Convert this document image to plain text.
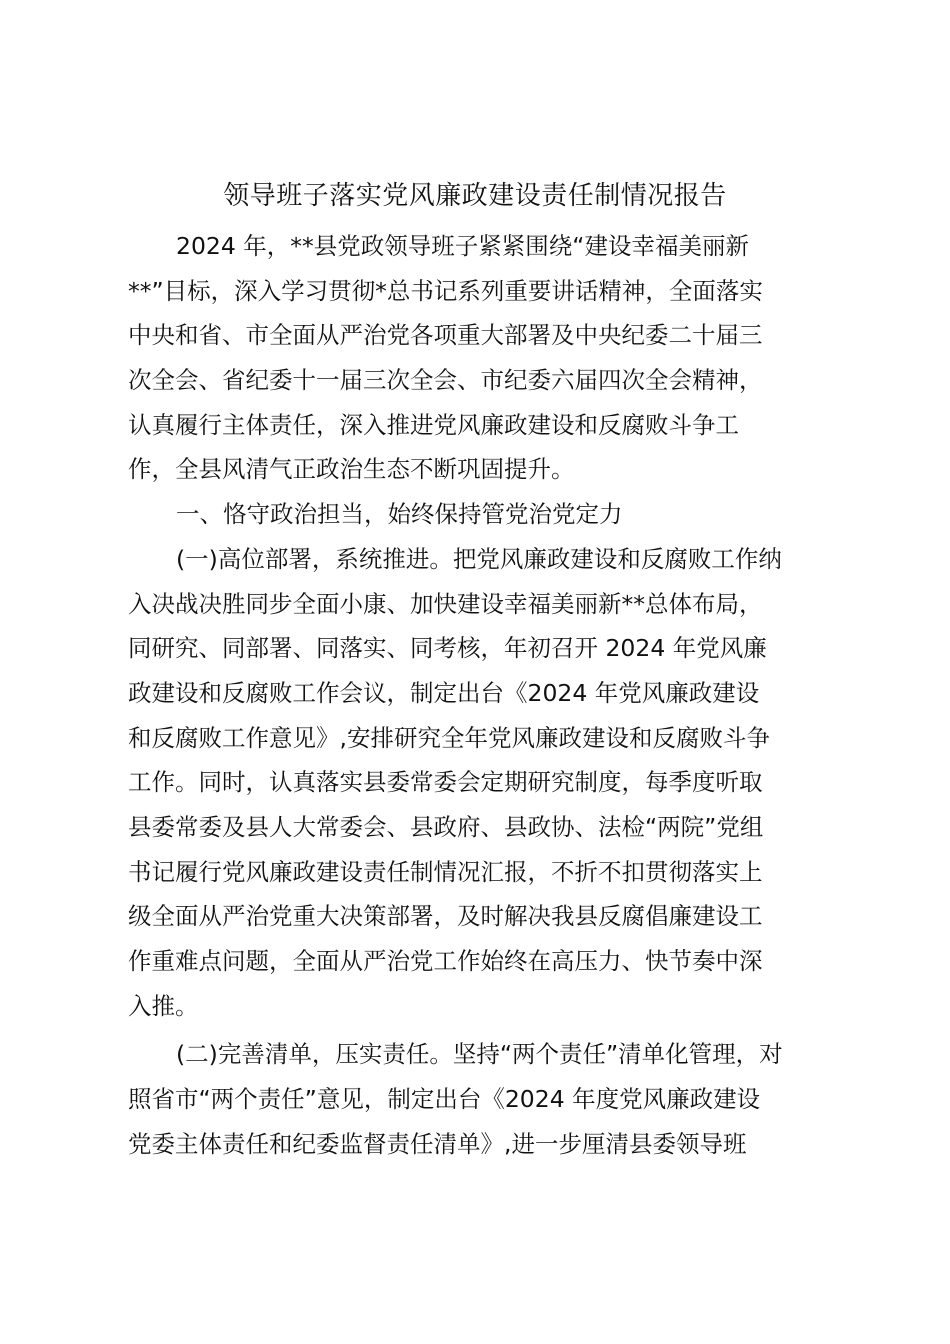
领导班子落实党风廉政建设责任制情况报告
2024 年，**县党政领导班子紧紧围绕“建设幸福美丽新
**”目标，深入学习贯彻*总书记系列重要讲话精神，全面落实
中央和省、市全面从严治党各项重大部署及中央纪委二十届三
次全会、省纪委十一届三次全会、市纪委六届四次全会精神，
认真履行主体责任，深入推进党风廉政建设和反腐败斗争工
作，全县风清气正政治生态不断巩固提升。
一、恪守政治担当，始终保持管党治党定力
(一)高位部署，系统推进。把党风廉政建设和反腐败工作纳
入决战决胜同步全面小康、加快建设幸福美丽新**总体布局，
同研究、同部署、同落实、同考核，年初召开 2024 年党风廉
政建设和反腐败工作会议，制定出台《2024 年党风廉政建设
和反腐败工作意见》,安排研究全年党风廉政建设和反腐败斗争
工作。同时，认真落实县委常委会定期研究制度，每季度听取
县委常委及县人大常委会、县政府、县政协、法检“两院”党组
书记履行党风廉政建设责任制情况汇报，不折不扣贯彻落实上
级全面从严治党重大决策部署，及时解决我县反腐倡廉建设工
作重难点问题，全面从严治党工作始终在高压力、快节奏中深
入推。
(二)完善清单，压实责任。坚持“两个责任”清单化管理，对
照省市“两个责任”意见，制定出台《2024 年度党风廉政建设
党委主体责任和纪委监督责任清单》,进一步厘清县委领导班
